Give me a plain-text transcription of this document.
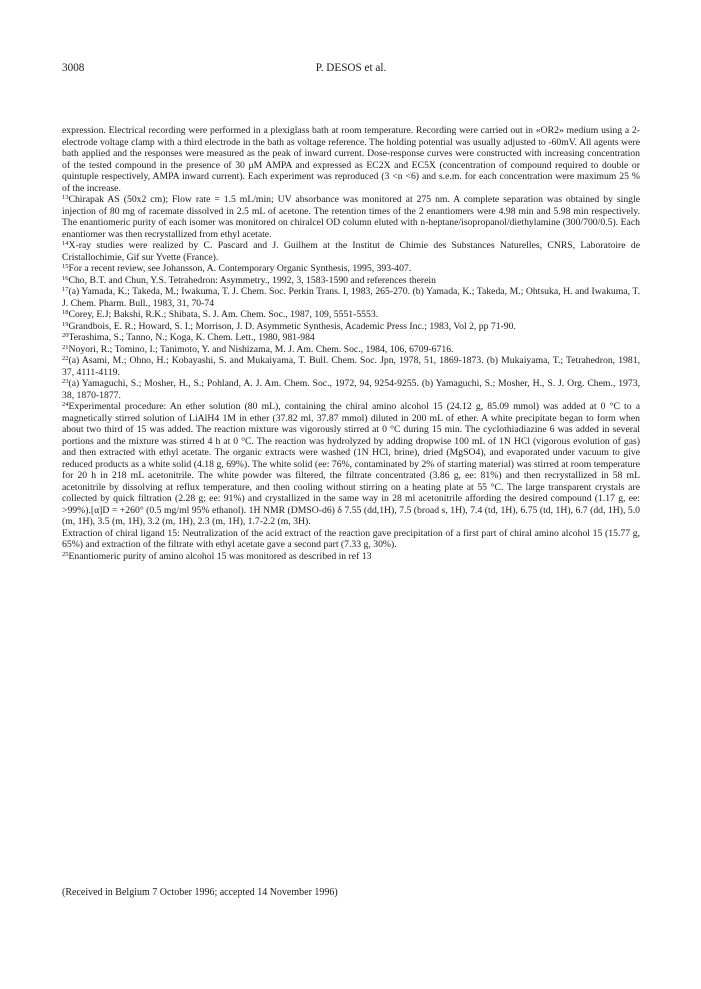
3008	P. DESOS et al.

expression. Electrical recording were performed in a plexiglass bath at room temperature. Recording were carried out in «OR2» medium using a 2-electrode voltage clamp with a third electrode in the bath as voltage reference. The holding potential was usually adjusted to -60mV. All agents were bath applied and the responses were measured as the peak of inward current. Dose-response curves were constructed with increasing concentration of the tested compound in the presence of 30 μM AMPA and expressed as EC2X and EC5X (concentration of compound required to double or quintuple respectively, AMPA inward current). Each experiment was reproduced (3 <n <6) and s.e.m. for each concentration were maximum 25 % of the increase.

$^{13}$Chirapak AS (50x2 cm); Flow rate = 1.5 mL/min; UV absorbance was monitored at 275 nm. A complete separation was obtained by single injection of 80 mg of racemate dissolved in 2.5 mL of acetone. The retention times of the 2 enantiomers were 4.98 min and 5.98 min respectively. The enantiomeric purity of each isomer was monitored on chiralcel OD column eluted with n-heptane/isopropanol/diethylamine (300/700/0.5). Each enantiomer was then recrystallized from ethyl acetate.

$^{14}$X-ray studies were realized by C. Pascard and J. Guilhem at the Institut de Chimie des Substances Naturelles, CNRS, Laboratoire de Cristallochimie, Gif sur Yvette (France).

$^{15}$For a recent review, see Johansson, A. Contemporary Organic Synthesis, 1995, 393-407.

$^{16}$Cho, B.T. and Chun, Y.S. Tetrahedron: Asymmetry., 1992, 3, 1583-1590 and references therein

$^{17}$(a) Yamada, K.; Takeda, M.; Iwakuma, T. J. Chem. Soc. Perkin Trans. I, 1983, 265-270. (b) Yamada, K.; Takeda, M.; Ohtsuka, H. and Iwakuma, T. J. Chem. Pharm. Bull., 1983, 31, 70-74

$^{18}$Corey, E.J; Bakshi, R.K.; Shibata, S. J. Am. Chem. Soc., 1987, 109, 5551-5553.

$^{19}$Grandbois, E. R.; Howard, S. I.; Morrison, J. D. Asymmetic Synthesis, Academic Press Inc.; 1983, Vol 2, pp 71-90.

$^{20}$Terashima, S.; Tanno, N.; Koga, K. Chem. Lett., 1980, 981-984

$^{21}$Noyori, R.; Tomino, I.; Tanimoto, Y. and Nishizama, M. J. Am. Chem. Soc., 1984, 106, 6709-6716.

$^{22}$(a) Asami, M.; Ohno, H.; Kobayashi, S. and Mukaiyama, T. Bull. Chem. Soc. Jpn, 1978, 51, 1869-1873. (b) Mukaiyama, T.; Tetrahedron, 1981, 37, 4111-4119.

$^{23}$(a) Yamaguchi, S.; Mosher, H., S.; Pohland, A. J. Am. Chem. Soc., 1972, 94, 9254-9255. (b) Yamaguchi, S.; Mosher, H., S. J. Org. Chem., 1973, 38, 1870-1877.

$^{24}$Experimental procedure: An ether solution (80 mL), containing the chiral amino alcohol 15 (24.12 g, 85.09 mmol) was added at 0 °C to a magnetically stirred solution of LiAlH4 1M in ether (37.82 ml, 37.87 mmol) diluted in 200 mL of ether. A white precipitate began to form when about two third of 15 was added. The reaction mixture was vigorously stirred at 0 °C during 15 min. The cyclothiadiazine 6 was added in several portions and the mixture was stirred 4 h at 0 °C. The reaction was hydrolyzed by adding dropwise 100 mL of 1N HCl (vigorous evolution of gas) and then extracted with ethyl acetate. The organic extracts were washed (1N HCl, brine), dried (MgSO4), and evaporated under vacuum to give reduced products as a white solid (4.18 g, 69%). The white solid (ee: 76%, contaminated by 2% of starting material) was stirred at room temperature for 20 h in 218 mL acetonitrile. The white powder was filtered, the filtrate concentrated (3.86 g, ee: 81%) and then recrystallized in 58 mL acetonitrile by dissolving at reflux temperature, and then cooling without stirring on a heating plate at 55 °C. The large transparent crystals are collected by quick filtration (2.28 g; ee: 91%) and crystallized in the same way in 28 ml acetonitrile affording the desired compound (1.17 g, ee: >99%).[α]D = +260° (0.5 mg/ml 95% ethanol). 1H NMR (DMSO-d6) δ 7.55 (dd,1H), 7.5 (broad s, 1H), 7.4 (td, 1H), 6.75 (td, 1H), 6.7 (dd, 1H), 5.0 (m, 1H), 3.5 (m, 1H), 3.2 (m, 1H), 2.3 (m, 1H), 1.7-2.2 (m, 3H).

Extraction of chiral ligand 15: Neutralization of the acid extract of the reaction gave precipitation of a first part of chiral amino alcohol 15 (15.77 g, 65%) and extraction of the filtrate with ethyl acetate gave a second part (7.33 g, 30%).

$^{25}$Enantiomeric purity of amino alcohol 15 was monitored as described in ref 13

(Received in Belgium 7 October 1996; accepted 14 November 1996)
